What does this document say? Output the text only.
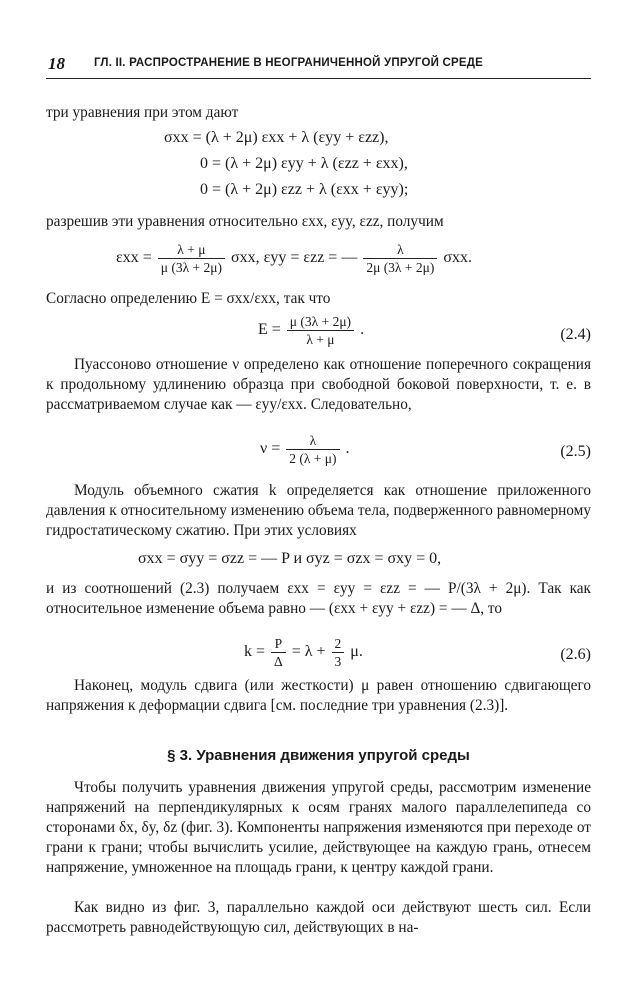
18	ГЛ. II. РАСПРОСТРАНЕНИЕ В НЕОГРАНИЧЕННОЙ УПРУГОЙ СРЕДЕ
три уравнения при этом дают
σxx = (λ + 2μ) εxx + λ (εyy + εzz),
0 = (λ + 2μ) εyy + λ (εzz + εxx),
0 = (λ + 2μ) εzz + λ (εxx + εyy);
разрешив эти уравнения относительно εxx, εyy, εzz, получим
$\varepsilon xx = \frac{\lambda + \mu}{\mu (3\lambda + 2\mu)} \sigma xx$, εyy = εzz = — $\frac{\lambda}{2\mu (3\lambda + 2\mu)} \sigma xx$.
Согласно определению E = σxx/εxx, так что
$E = \frac{\mu (3\lambda + 2\mu)}{\lambda + \mu}$ .	(2.4)
Пуассоново отношение ν определено как отношение поперечного сокращения к продольному удлинению образца при свободной боковой поверхности, т. е. в рассматриваемом случае как — εyy/εxx. Следовательно,
$\nu = \frac{\lambda}{2 (\lambda + \mu)}$ .	(2.5)
Модуль объемного сжатия k определяется как отношение приложенного давления к относительному изменению объема тела, подверженного равномерному гидростатическому сжатию. При этих условиях
σxx = σyy = σzz = — P и σyz = σzx = σxy = 0,
и из соотношений (2.3) получаем εxx = εyy = εzz = — P/(3λ + 2μ). Так как относительное изменение объема равно — (εxx + εyy + εzz) = — Δ, то
$k = \frac{P}{\Delta} = \lambda + \frac{2}{3} \mu$.	(2.6)
Наконец, модуль сдвига (или жесткости) μ равен отношению сдвигающего напряжения к деформации сдвига [см. последние три уравнения (2.3)].
§ 3. Уравнения движения упругой среды
Чтобы получить уравнения движения упругой среды, рассмотрим изменение напряжений на перпендикулярных к осям гранях малого параллелепипеда со сторонами δx, δy, δz (фиг. 3). Компоненты напряжения изменяются при переходе от грани к грани; чтобы вычислить усилие, действующее на каждую грань, отнесем напряжение, умноженное на площадь грани, к центру каждой грани.
Как видно из фиг. 3, параллельно каждой оси действуют шесть сил. Если рассмотреть равнодействующую сил, действующих в на-
